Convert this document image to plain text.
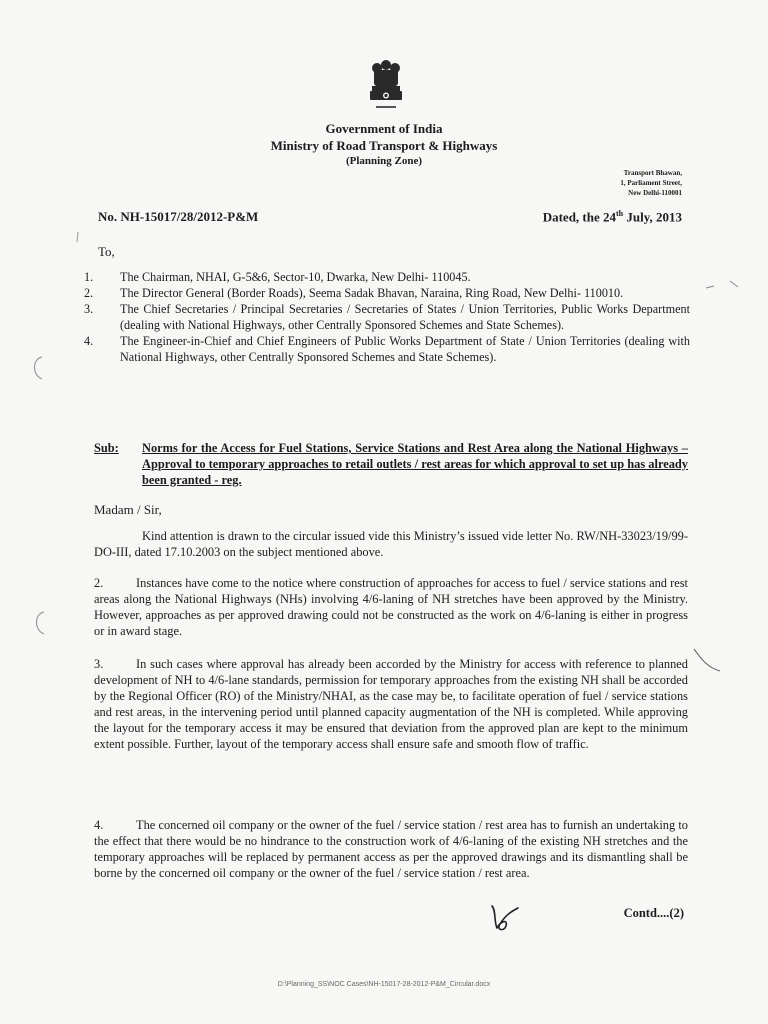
Government of India
Ministry of Road Transport & Highways
(Planning Zone)
Transport Bhawan,
1, Parliament Street,
New Delhi-110001
No. NH-15017/28/2012-P&M	Dated, the 24th July, 2013
To,
1. The Chairman, NHAI, G-5&6, Sector-10, Dwarka, New Delhi- 110045.
2. The Director General (Border Roads), Seema Sadak Bhavan, Naraina, Ring Road, New Delhi- 110010.
3. The Chief Secretaries / Principal Secretaries / Secretaries of States / Union Territories, Public Works Department (dealing with National Highways, other Centrally Sponsored Schemes and State Schemes).
4. The Engineer-in-Chief and Chief Engineers of Public Works Department of State / Union Territories (dealing with National Highways, other Centrally Sponsored Schemes and State Schemes).
Sub: Norms for the Access for Fuel Stations, Service Stations and Rest Area along the National Highways – Approval to temporary approaches to retail outlets / rest areas for which approval to set up has already been granted - reg.
Madam / Sir,
Kind attention is drawn to the circular issued vide this Ministry’s issued vide letter No. RW/NH-33023/19/99-DO-III, dated 17.10.2003 on the subject mentioned above.
2.	Instances have come to the notice where construction of approaches for access to fuel / service stations and rest areas along the National Highways (NHs) involving 4/6-laning of NH stretches have been approved by the Ministry. However, approaches as per approved drawing could not be constructed as the work on 4/6-laning is either in progress or in award stage.
3.	In such cases where approval has already been accorded by the Ministry for access with reference to planned development of NH to 4/6-lane standards, permission for temporary approaches from the existing NH shall be accorded by the Regional Officer (RO) of the Ministry/NHAI, as the case may be, to facilitate operation of fuel / service stations and rest areas, in the intervening period until planned capacity augmentation of the NH is completed. While approving the layout for the temporary access it may be ensured that deviation from the approved plan are kept to the minimum extent possible. Further, layout of the temporary access shall ensure safe and smooth flow of traffic.
4.	The concerned oil company or the owner of the fuel / service station / rest area has to furnish an undertaking to the effect that there would be no hindrance to the construction work of 4/6-laning of the existing NH stretches and the temporary approaches will be replaced by permanent access as per the approved drawings and its dismantling shall be borne by the concerned oil company or the owner of the fuel / service station / rest area.
Contd....(2)
D:\Planning_SS\NOC Cases\NH-15017-28-2012-P&M_Circular.docx
